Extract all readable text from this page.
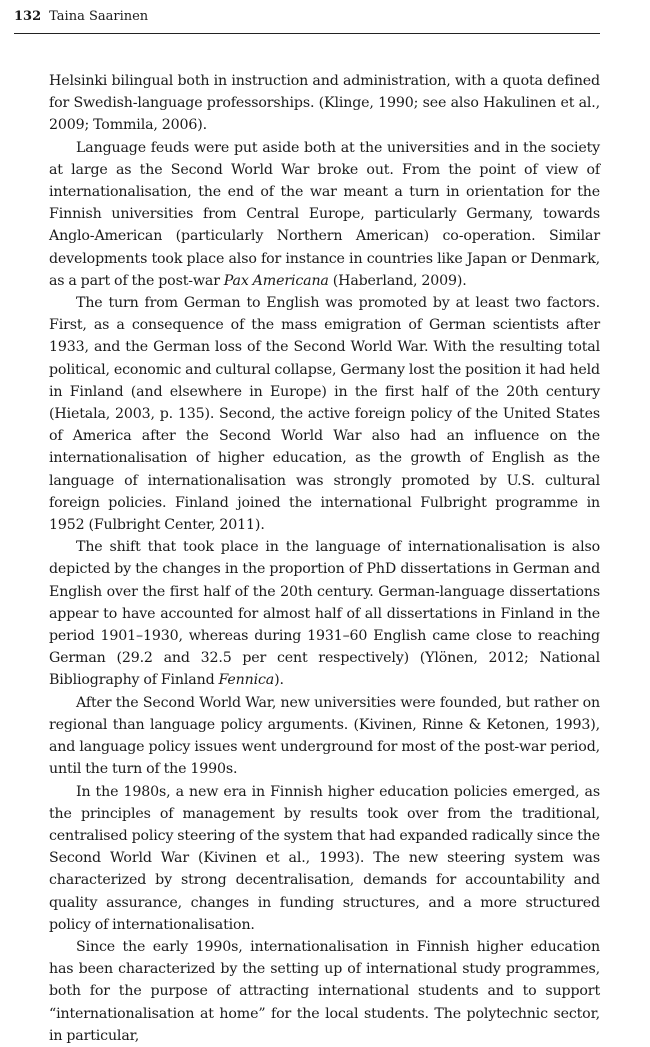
132 Taina Saarinen

Helsinki bilingual both in instruction and administration, with a quota defined for Swedish-language professorships. (Klinge, 1990; see also Hakulinen et al., 2009; Tommila, 2006).

Language feuds were put aside both at the universities and in the society at large as the Second World War broke out. From the point of view of internationalisation, the end of the war meant a turn in orientation for the Finnish universities from Central Europe, particularly Germany, towards Anglo-American (particularly Northern American) co-operation. Similar developments took place also for instance in countries like Japan or Denmark, as a part of the post-war Pax Americana (Haberland, 2009).

The turn from German to English was promoted by at least two factors. First, as a consequence of the mass emigration of German scientists after 1933, and the German loss of the Second World War. With the resulting total political, economic and cultural collapse, Germany lost the position it had held in Finland (and elsewhere in Europe) in the first half of the 20th century (Hietala, 2003, p. 135). Second, the active foreign policy of the United States of America after the Second World War also had an influence on the internationalisation of higher education, as the growth of English as the language of internationalisation was strongly promoted by U.S. cultural foreign policies. Finland joined the international Fulbright programme in 1952 (Fulbright Center, 2011).

The shift that took place in the language of internationalisation is also depicted by the changes in the proportion of PhD dissertations in German and English over the first half of the 20th century. German-language dissertations appear to have accounted for almost half of all dissertations in Finland in the period 1901–1930, whereas during 1931–60 English came close to reaching German (29.2 and 32.5 per cent respectively) (Ylönen, 2012; National Bibliography of Finland Fennica).

After the Second World War, new universities were founded, but rather on regional than language policy arguments. (Kivinen, Rinne & Ketonen, 1993), and language policy issues went underground for most of the post-war period, until the turn of the 1990s.

In the 1980s, a new era in Finnish higher education policies emerged, as the principles of management by results took over from the traditional, centralised policy steering of the system that had expanded radically since the Second World War (Kivinen et al., 1993). The new steering system was characterized by strong decentralisation, demands for accountability and quality assurance, changes in funding structures, and a more structured policy of internationalisation.

Since the early 1990s, internationalisation in Finnish higher education has been characterized by the setting up of international study programmes, both for the purpose of attracting international students and to support “internationalisation at home” for the local students. The polytechnic sector, in particular,
